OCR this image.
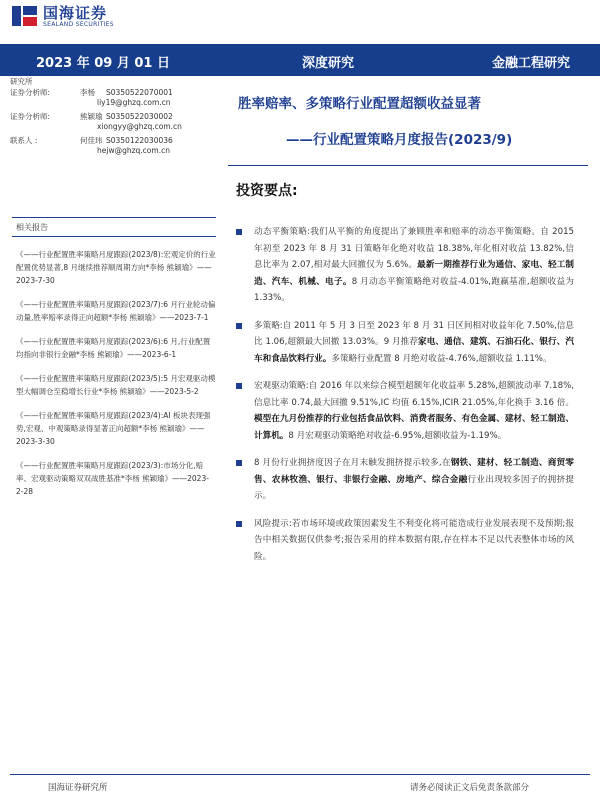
国海证券
SEALAND SECURITIES
2023 年 09 月 01 日	深度研究	金融工程研究
研究所
证券分析师:	李杨	S0350522070001
liy19@ghzq.com.cn
证券分析师:	熊颖瑜 S0350522030002
xiongyy@ghzq.com.cn
联系人 :	何佳玮 S0350122030036
hejw@ghzq.com.cn
胜率赔率、多策略行业配置超额收益显著
——行业配置策略月度报告(2023/9)
投资要点:
相关报告
《——行业配置胜率策略月度跟踪(2023/8):宏观定价的行业配置优势显著,8 月继续推荐顺周期方向*李杨 熊颖瑜》——2023-7-30
《——行业配置胜率策略月度跟踪(2023/7):6 月行业轮动偏动量,胜率赔率录得正向超额*李杨 熊颖瑜》——2023-7-1
《——行业配置胜率策略月度跟踪(2023/6):6 月,行业配置均指向非银行金融*李杨 熊颖瑜》——2023-6-1
《——行业配置胜率策略月度跟踪(2023/5):5 月宏观驱动模型大幅调仓至稳增长行业*李杨 熊颖瑜》——2023-5-2
《——行业配置胜率策略月度跟踪(2023/4):AI 板块表现强势,宏观、中观策略录得显著正向超额*李杨 熊颖瑜》——2023-3-30
《——行业配置胜率策略月度跟踪(2023/3):市场分化,赔率、宏观驱动策略双双战胜基准*李杨 熊颖瑜》——2023-2-28
动态平衡策略:我们从平衡的角度提出了兼顾胜率和赔率的动态平衡策略。自 2015 年初至 2023 年 8 月 31 日策略年化绝对收益 18.38%,年化相对收益 13.82%,信息比率为 2.07,相对最大回撤仅为 5.6%。最新一期推荐行业为通信、家电、轻工制造、汽车、机械、电子。8 月动态平衡策略绝对收益-4.01%,跑赢基准,超额收益为 1.33%。
多策略:自 2011 年 5 月 3 日至 2023 年 8 月 31 日区间相对收益年化 7.50%,信息比 1.06,超额最大回撤 13.03%。9 月推荐家电、通信、建筑、石油石化、银行、汽车和食品饮料行业。多策略行业配置 8 月绝对收益-4.76%,超额收益 1.11%。
宏观驱动策略:自 2016 年以来综合模型超额年化收益率 5.28%,超额波动率 7.18%,信息比率 0.74,最大回撤 9.51%,IC 均值 6.15%,ICIR 21.05%,年化换手 3.16 倍。模型在九月份推荐的行业包括食品饮料、消费者服务、有色金属、建材、轻工制造、计算机。8 月宏观驱动策略绝对收益-6.95%,超额收益为-1.19%。
8 月份行业拥挤度因子在月末触发拥挤提示较多,在钢铁、建材、轻工制造、商贸零售、农林牧渔、银行、非银行金融、房地产、综合金融行业出现较多因子的拥挤提示。
风险提示:若市场环境或政策因素发生不利变化将可能造成行业发展表现不及预期;报告中相关数据仅供参考;报告采用的样本数据有限,存在样本不足以代表整体市场的风险。
国海证券研究所	请务必阅读正文后免责条款部分
